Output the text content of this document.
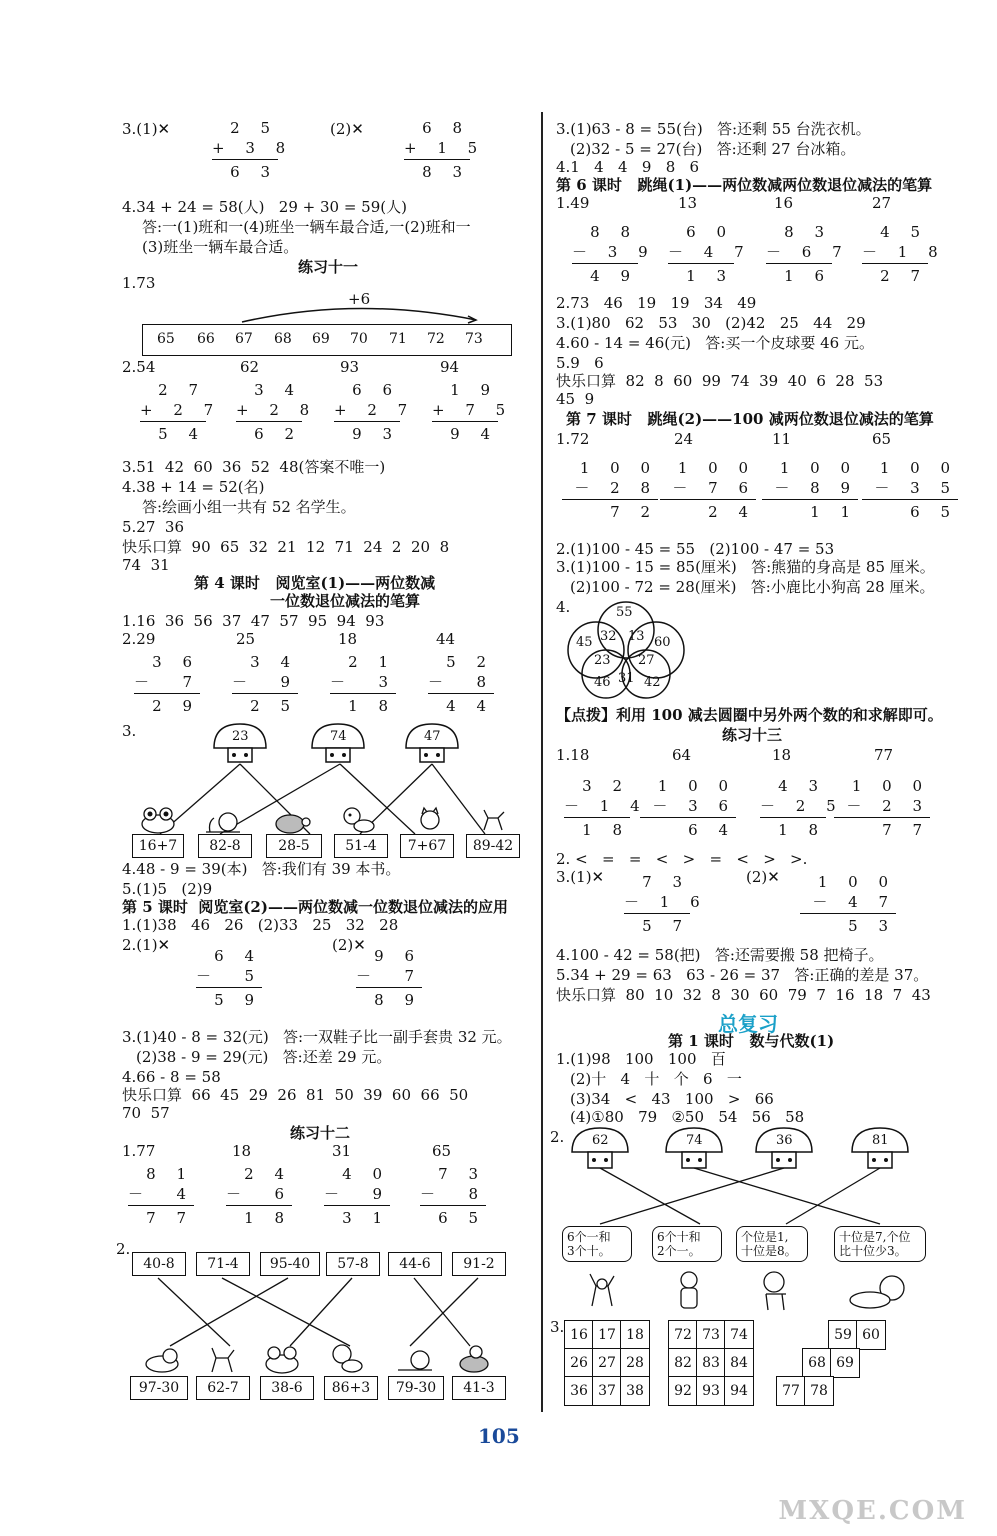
3.(1)✕	(2)✕
2 5
+ 3 8
6 3
6 8
+ 1 5
8 3
4.34 + 24 = 58(人)   29 + 30 = 59(人)
答:一(1)班和一(4)班坐一辆车最合适,一(2)班和一
(3)班坐一辆车最合适。
练习十一
1.73
+6
65 66 67 68 69 70 71 72 73
2.54	62	93	94
2 7
+ 2 7
5 4
3 4
+ 2 8
6 2
6 6
+ 2 7
9 3
1 9
+ 7 5
9 4
3.51  42  60  36  52  48(答案不唯一)
4.38 + 14 = 52(名)
答:绘画小组一共有 52 名学生。
5.27  36
快乐口算  90  65  32  21  12  71  24  2  20  8
74  31
第 4 课时   阅览室(1)——两位数减
一位数退位减法的笔算
1.16  36  56  37  47  57  95  94  93
2.29	25	18	44
3 6
－  7
2 9
3 4
－  9
2 5
2 1
－  3
1 8
5 2
－  8
4 4
3.	23	74	47
16+7	82-8	28-5	51-4	7+67	89-42
4.48 - 9 = 39(本)   答:我们有 39 本书。
5.(1)5   (2)9
第 5 课时  阅览室(2)——两位数减一位数退位减法的应用
1.(1)38   46   26   (2)33   25   32   28
2.(1)✕	(2)✕
6 4
－  5
5 9
9 6
－  7
8 9
3.(1)40 - 8 = 32(元)   答:一双鞋子比一副手套贵 32 元。
(2)38 - 9 = 29(元)   答:还差 29 元。
4.66 - 8 = 58
快乐口算  66  45  29  26  81  50  39  60  66  50
70  57
练习十二
1.77	18	31	65
8 1
－  4
7 7
2 4
－  6
1 8
4 0
－  9
3 1
7 3
－  8
6 5
2.
40-8	71-4	95-40	57-8	44-6	91-2
97-30	62-7	38-6	86+3	79-30	41-3
3.(1)63 - 8 = 55(台)   答:还剩 55 台洗衣机。
(2)32 - 5 = 27(台)   答:还剩 27 台冰箱。
4.1   4   4   9   8   6
第 6 课时   跳绳(1)——两位数减两位数退位减法的笔算
1.49	13	16	27
8 8
－ 3 9
4 9
6 0
－ 4 7
1 3
8 3
－ 6 7
1 6
4 5
－ 1 8
2 7
2.73   46   19   19   34   49
3.(1)80   62   53   30   (2)42   25   44   29
4.60 - 14 = 46(元)   答:买一个皮球要 46 元。
5.9   6
快乐口算  82  8  60  99  74  39  40  6  28  53
45  9
第 7 课时   跳绳(2)——100 减两位数退位减法的笔算
1.72	24	11	65
1 0 0
－ 2 8
7 2
1 0 0
－ 7 6
2 4
1 0 0
－ 8 9
1 1
1 0 0
－ 3 5
6 5
2.(1)100 - 45 = 55   (2)100 - 47 = 53
3.(1)100 - 15 = 85(厘米)   答:熊猫的身高是 85 厘米。
(2)100 - 72 = 28(厘米)   答:小鹿比小狗高 28 厘米。
4.	55
45 32 13 60
23 27
46 31 42
【点拨】利用 100 减去圆圈中另外两个数的和求解即可。
练习十三
1.18	64	18	77
3 2
－ 1 4
1 8
1 0 0
－ 3 6
6 4
4 3
－ 2 5
1 8
1 0 0
－ 2 3
7 7
2. <   =   =   <   >   =   <   >   >.
3.(1)✕	(2)✕
7 3
－ 1 6
5 7
1 0 0
－ 4 7
5 3
4.100 - 42 = 58(把)   答:还需要搬 58 把椅子。
5.34 + 29 = 63   63 - 26 = 37   答:正确的差是 37。
快乐口算  80  10  32  8  30  60  79  7  16  18  7  43
总复习
第 1 课时   数与代数(1)
1.(1)98   100   100   百
(2)十   4   十   个   6   一
(3)34   <   43   100   >   66
(4)①80   79   ②50   54   56   58
2. 62	74	36	81
6个一和
3个十。
6个十和
2个一。
个位是1,
十位是8。
十位是7,个位
比十位少3。
3. 16 17 18
26 27 28
36 37 38
72 73 74
82 83 84
92 93 94
59 60
68 69
77 78
105
MXQE.COM
